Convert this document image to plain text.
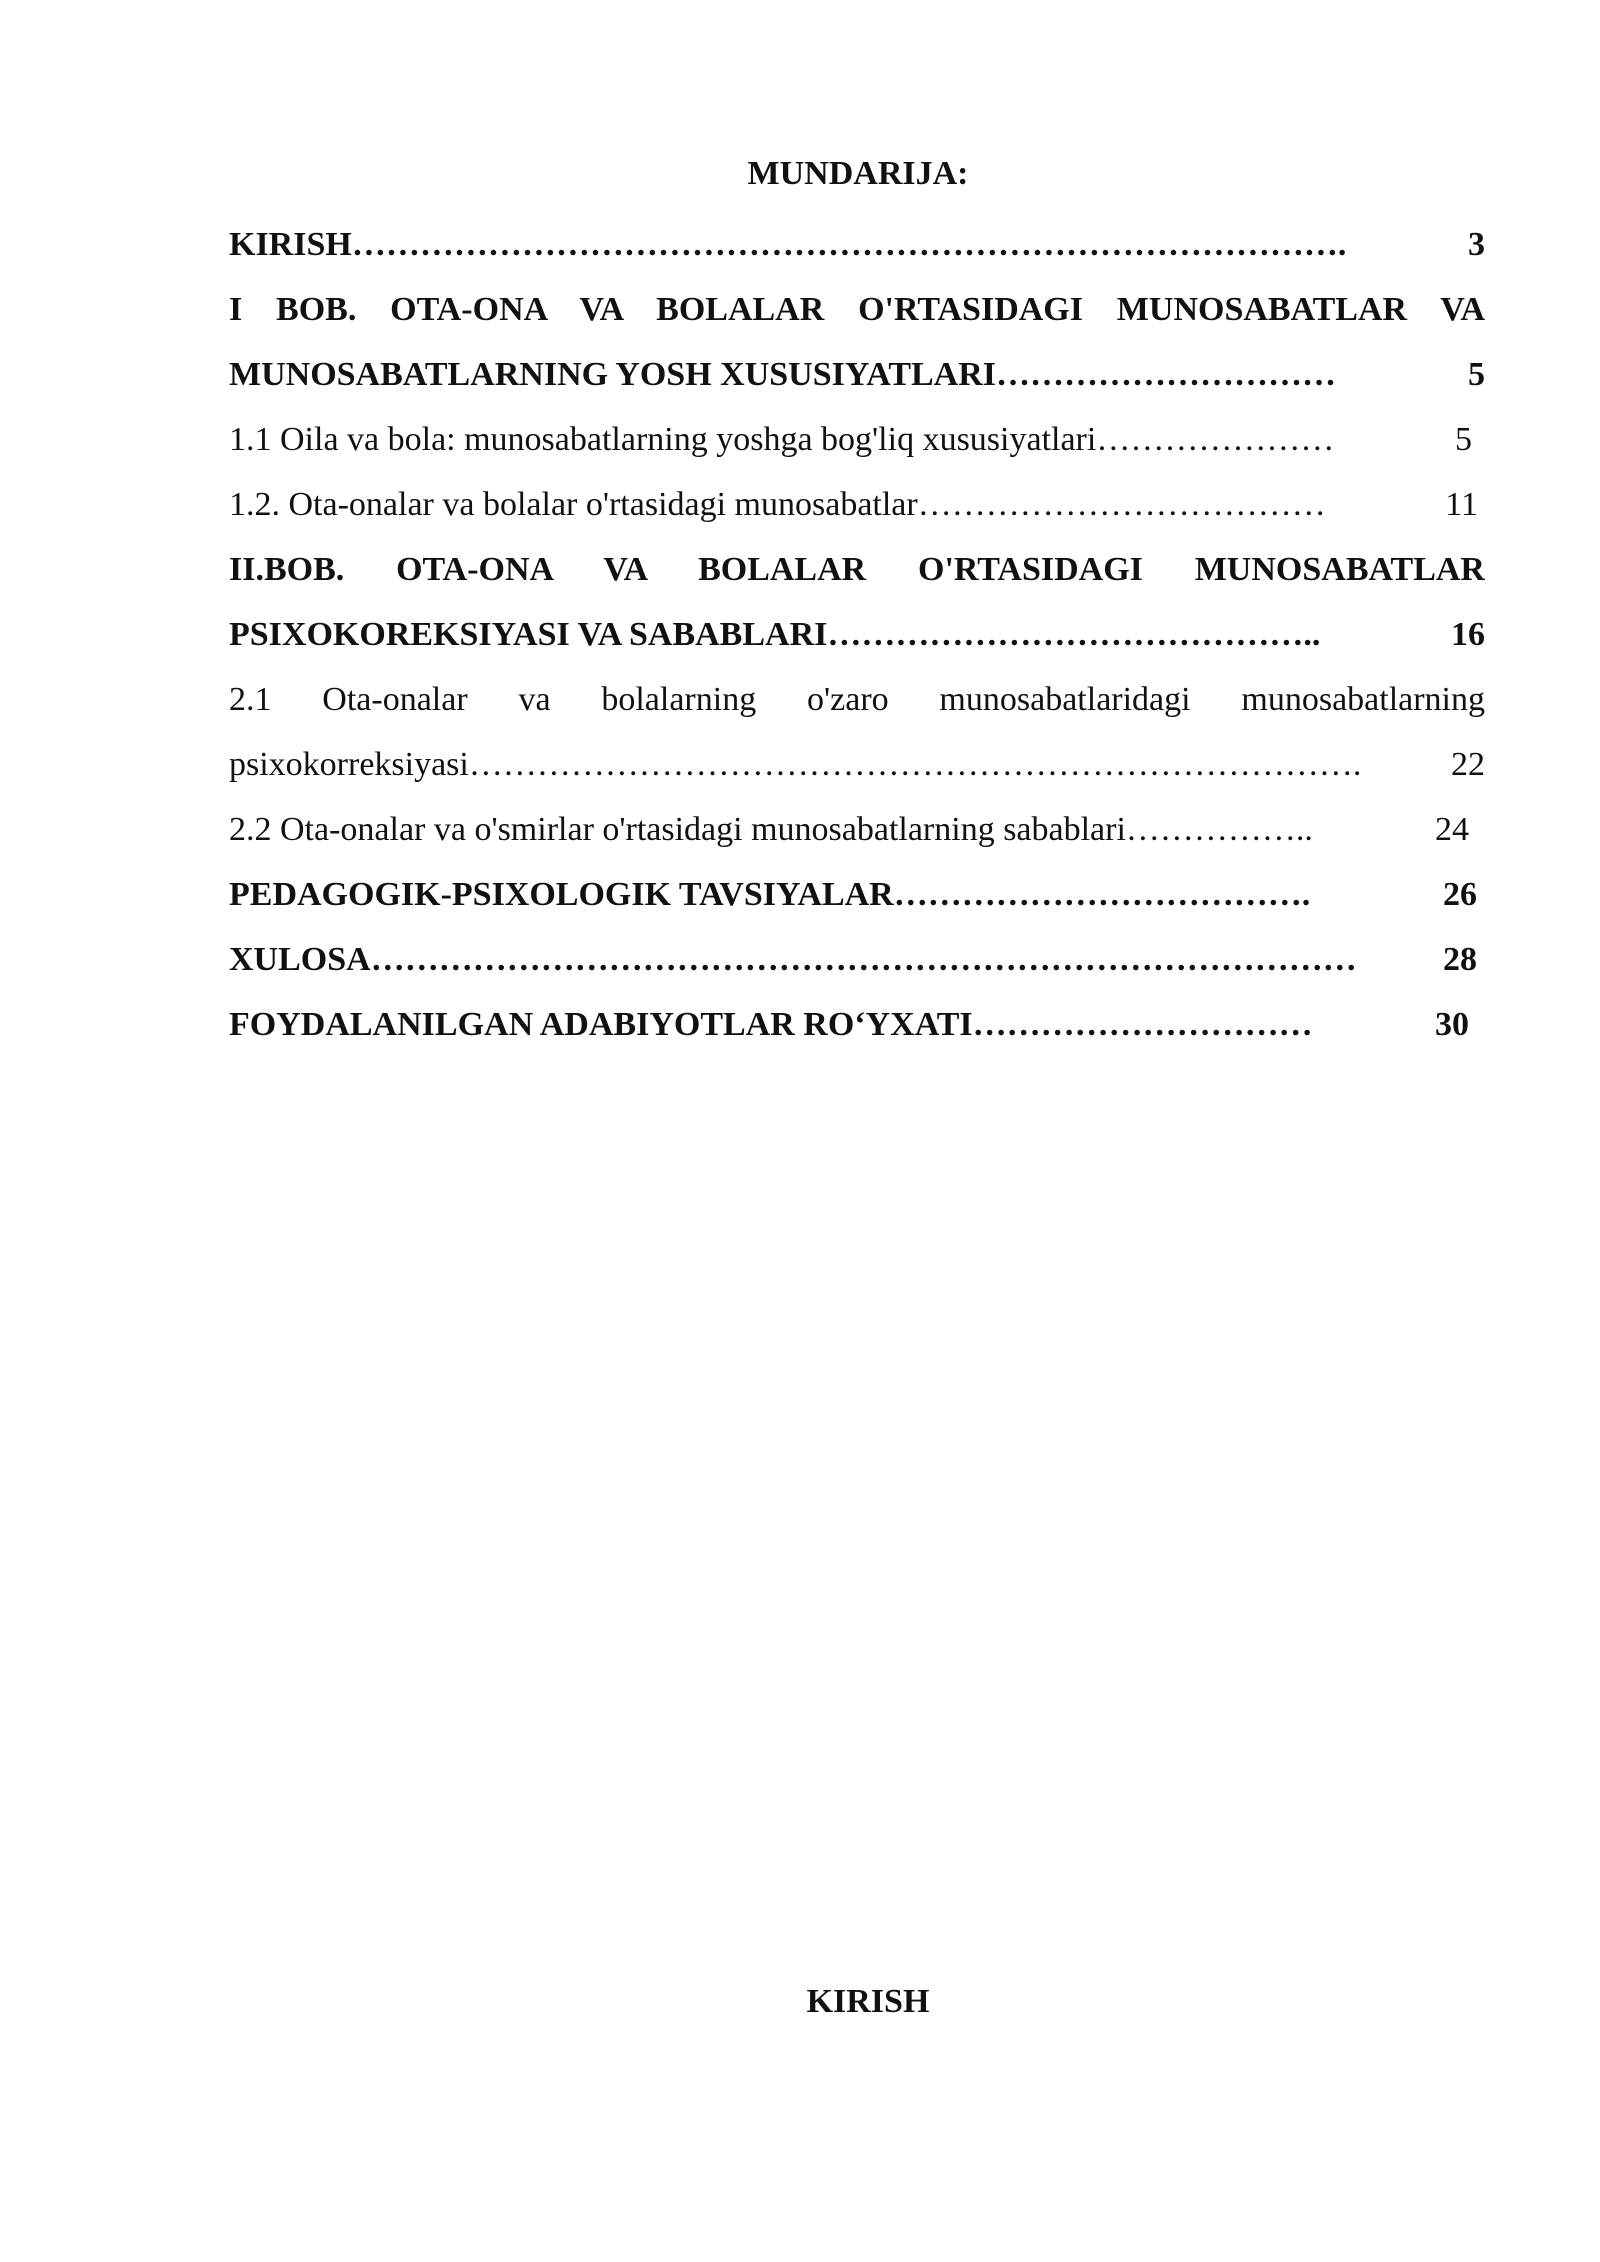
MUNDARIJA:
KIRISH …………………………………………………………………………….	3
I BOB. OTA-ONA VA BOLALAR O'RTASIDAGI MUNOSABATLAR VA
MUNOSABATLARNING YOSH XUSUSIYATLARI …………………………	5
1.1 Oila va bola: munosabatlarning yoshga bog'liq xususiyatlari …………………	5
1.2. Ota-onalar va bolalar o'rtasidagi munosabatlar ………………………………	11
II.BOB. OTA-ONA VA BOLALAR O'RTASIDAGI MUNOSABATLAR
PSIXOKOREKSIYASI VA SABABLARI ……………………………………..	16
2.1 Ota-onalar va bolalarning o'zaro munosabatlaridagi munosabatlarning
psixokorreksiyasi …………………………………………………………………….	22
2.2 Ota-onalar va o'smirlar o'rtasidagi munosabatlarning sabablari ……………..	24
PEDAGOGIK-PSIXOLOGIK TAVSIYALAR ……………………………….	26
XULOSA ……………………………………………………………………………	28
FOYDALANILGAN ADABIYOTLAR RO‘YXATI …………………………	30
KIRISH
